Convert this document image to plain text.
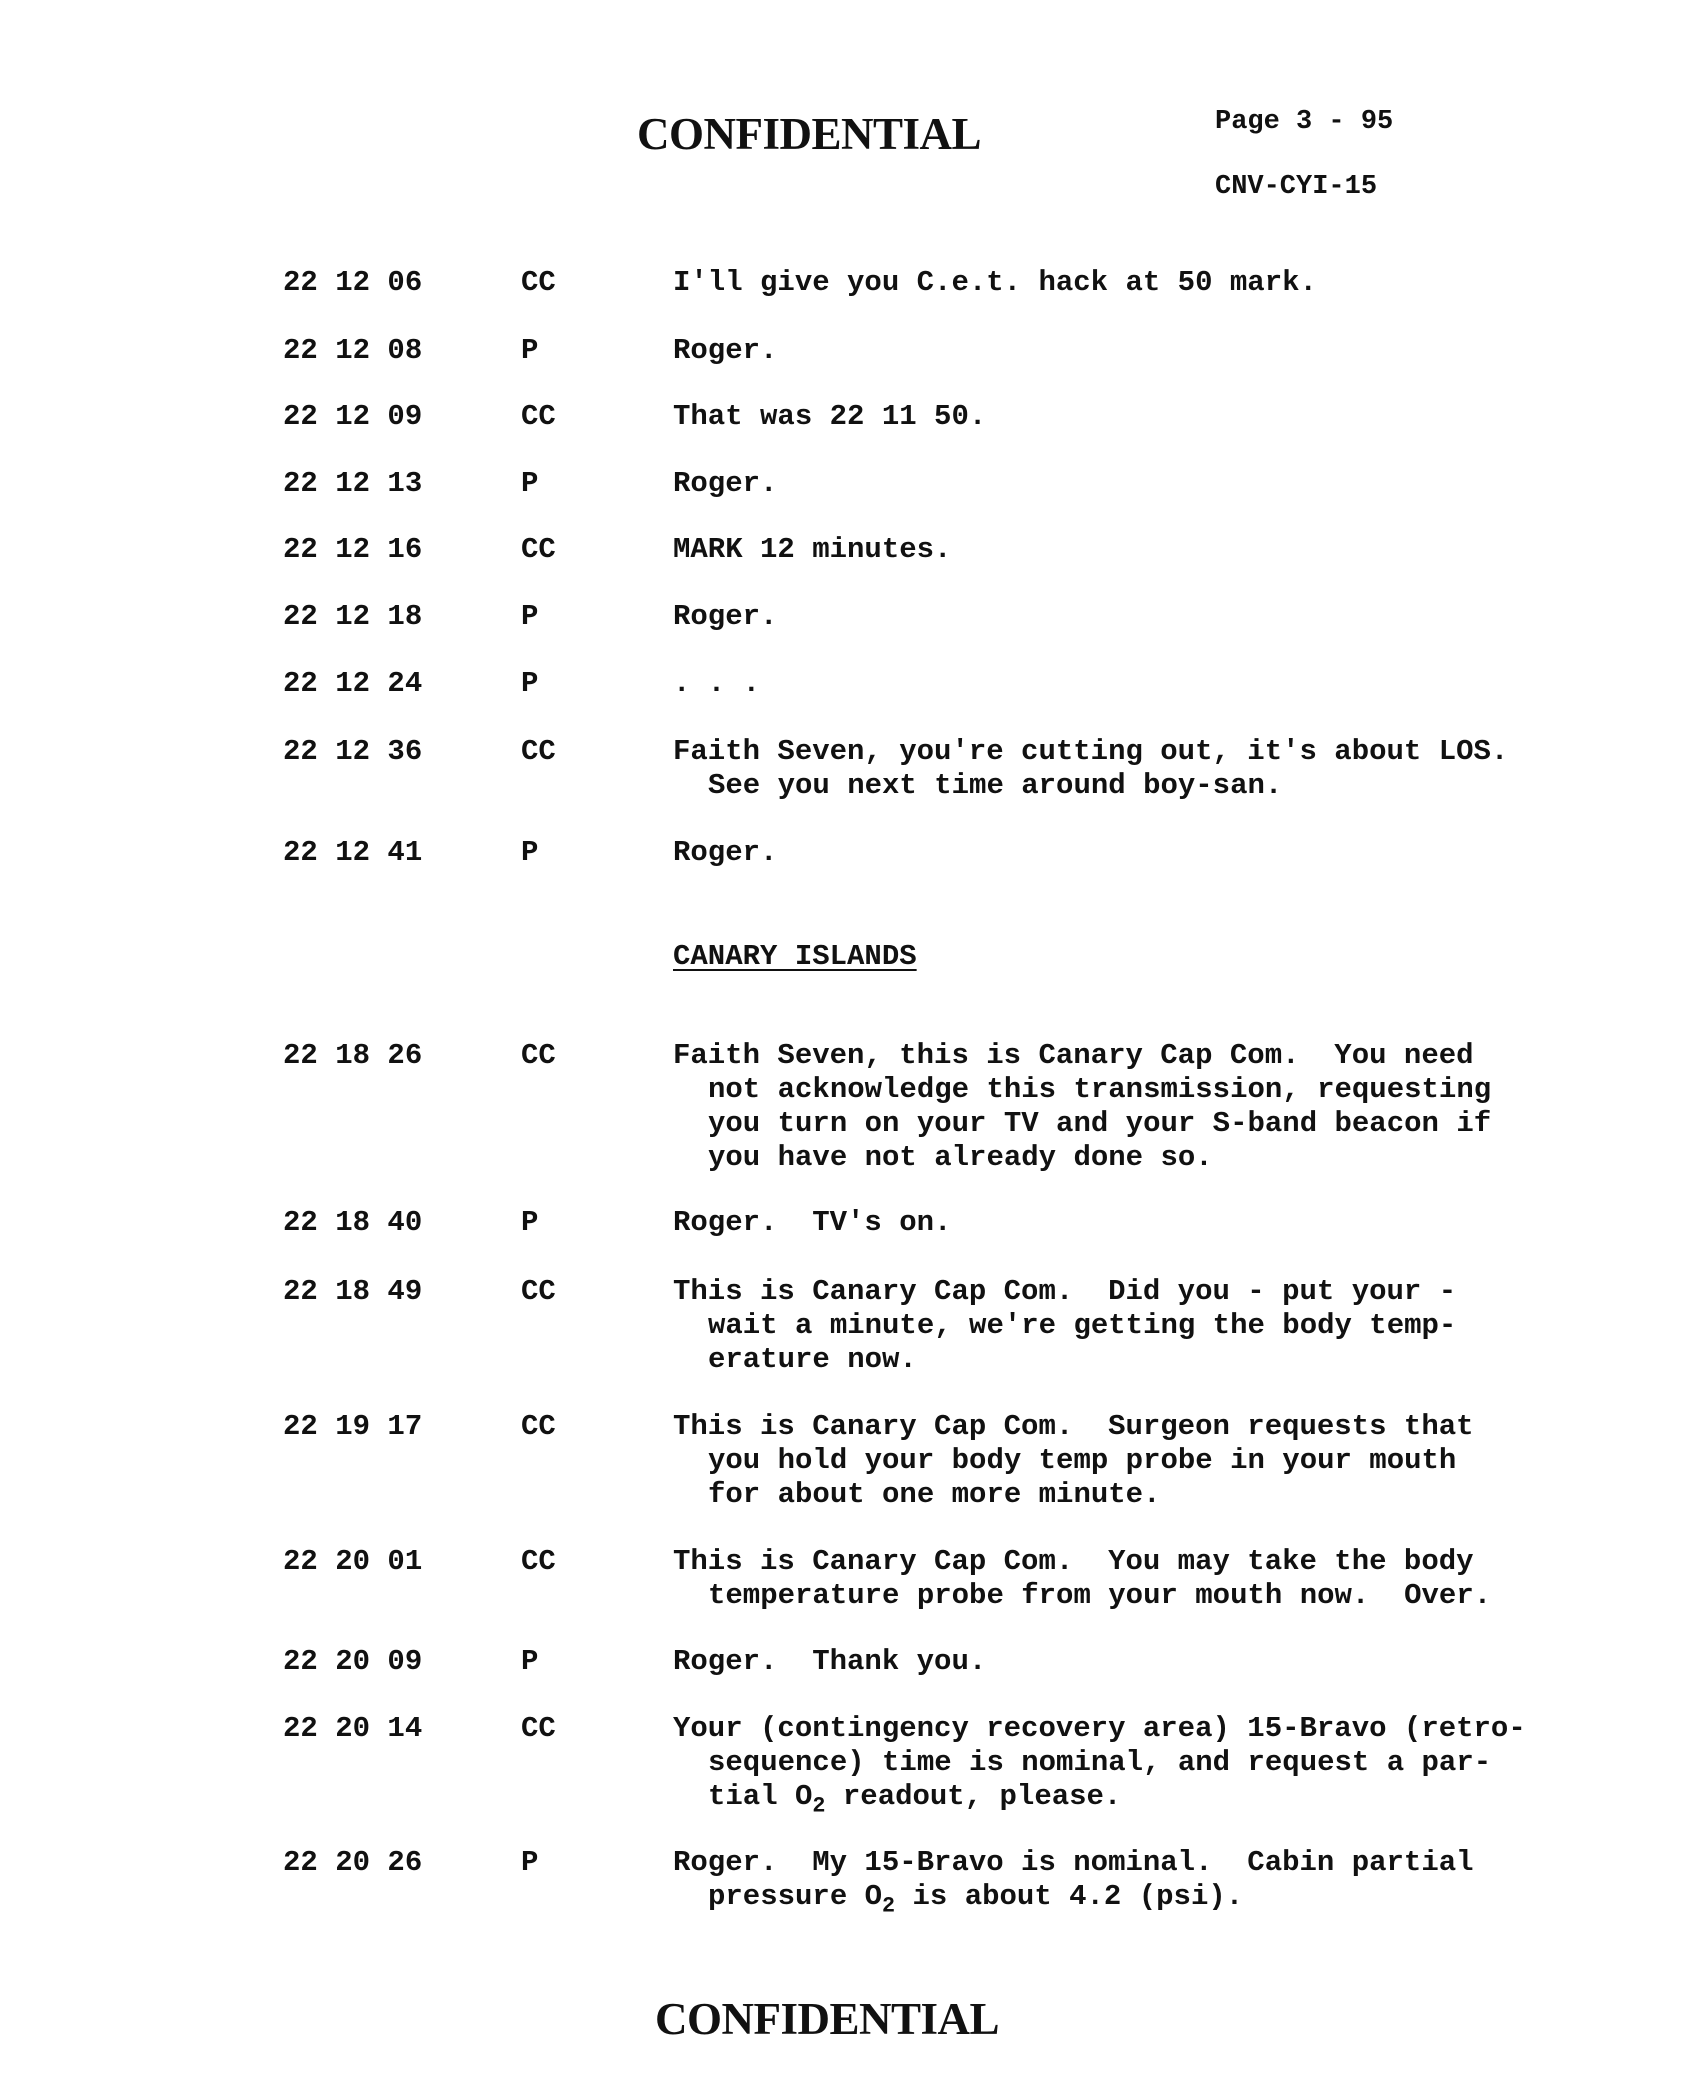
CONFIDENTIAL	Page 3 - 95
CNV-CYI-15
22 12 06	CC	I'll give you C.e.t. hack at 50 mark.
22 12 08	P	Roger.
22 12 09	CC	That was 22 11 50.
22 12 13	P	Roger.
22 12 16	CC	MARK 12 minutes.
22 12 18	P	Roger.
22 12 24	P	. . .
22 12 36	CC	Faith Seven, you're cutting out, it's about LOS.
See you next time around boy-san.
22 12 41	P	Roger.
CANARY ISLANDS
22 18 26	CC	Faith Seven, this is Canary Cap Com.  You need
not acknowledge this transmission, requesting
you turn on your TV and your S-band beacon if
you have not already done so.
22 18 40	P	Roger.  TV's on.
22 18 49	CC	This is Canary Cap Com.  Did you - put your -
wait a minute, we're getting the body temp-
erature now.
22 19 17	CC	This is Canary Cap Com.  Surgeon requests that
you hold your body temp probe in your mouth
for about one more minute.
22 20 01	CC	This is Canary Cap Com.  You may take the body
temperature probe from your mouth now.  Over.
22 20 09	P	Roger.  Thank you.
22 20 14	CC	Your (contingency recovery area) 15-Bravo (retro-
sequence) time is nominal, and request a par-
tial $O_2$ readout, please.
22 20 26	P	Roger.  My 15-Bravo is nominal.  Cabin partial
pressure $O_2$ is about 4.2 (psi).
CONFIDENTIAL
